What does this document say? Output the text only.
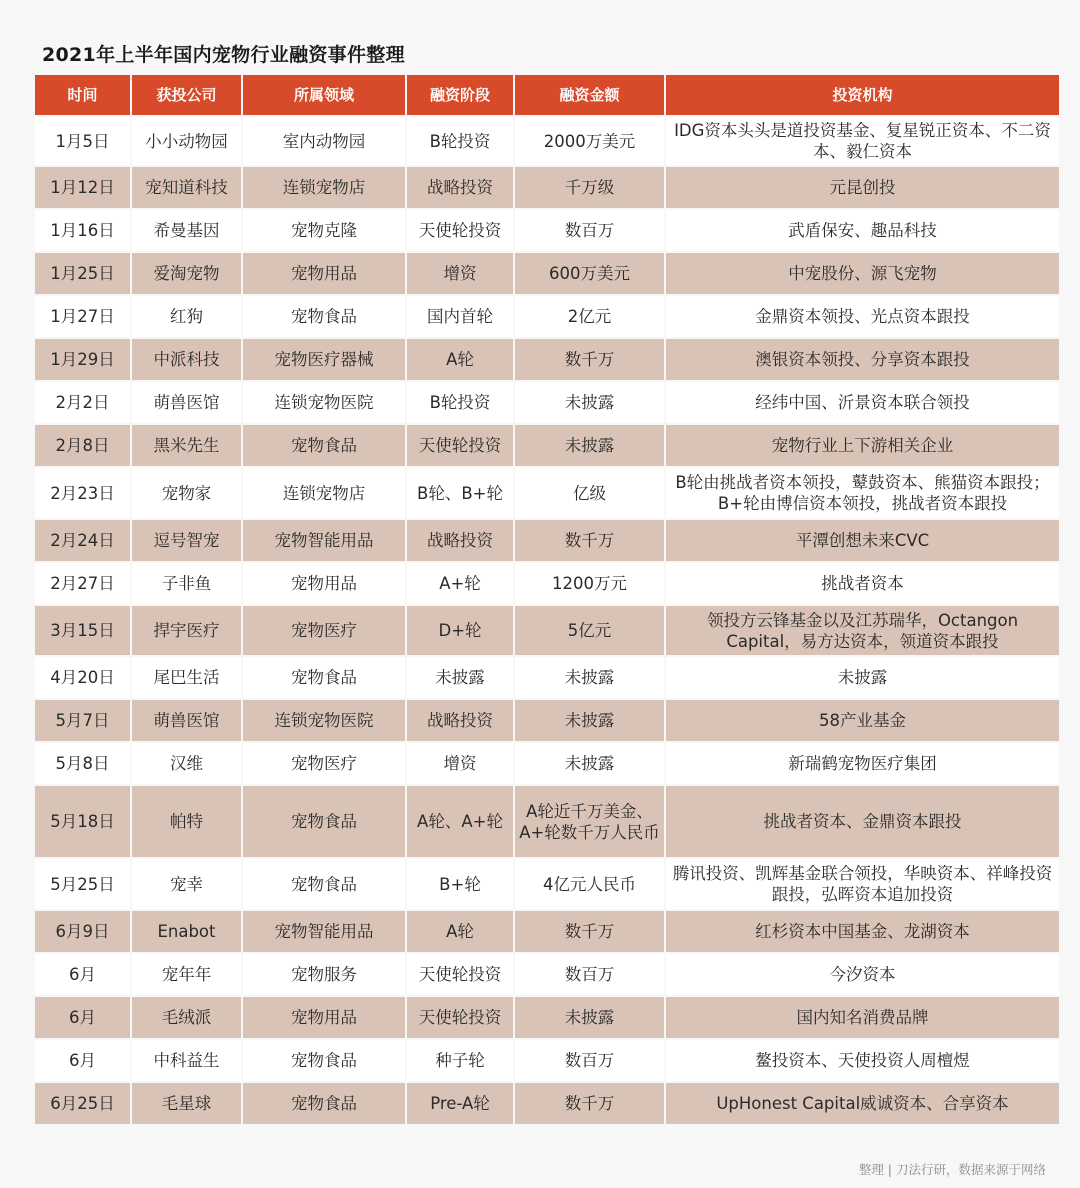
2021年上半年国内宠物行业融资事件整理
时间	获投公司	所属领域	融资阶段	融资金额	投资机构
1月5日	小小动物园	室内动物园	B轮投资	2000万美元	IDG资本头头是道投资基金、复星锐正资本、不二资本、毅仁资本
1月12日	宠知道科技	连锁宠物店	战略投资	千万级	元昆创投
1月16日	希曼基因	宠物克隆	天使轮投资	数百万	武盾保安、趣品科技
1月25日	爱淘宠物	宠物用品	增资	600万美元	中宠股份、源飞宠物
1月27日	红狗	宠物食品	国内首轮	2亿元	金鼎资本领投、光点资本跟投
1月29日	中派科技	宠物医疗器械	A轮	数千万	澳银资本领投、分享资本跟投
2月2日	萌兽医馆	连锁宠物医院	B轮投资	未披露	经纬中国、沂景资本联合领投
2月8日	黑米先生	宠物食品	天使轮投资	未披露	宠物行业上下游相关企业
2月23日	宠物家	连锁宠物店	B轮、B+轮	亿级	B轮由挑战者资本领投，鼙鼓资本、熊猫资本跟投；B+轮由博信资本领投，挑战者资本跟投
2月24日	逗号智宠	宠物智能用品	战略投资	数千万	平潭创想未来CVC
2月27日	子非鱼	宠物用品	A+轮	1200万元	挑战者资本
3月15日	捍宇医疗	宠物医疗	D+轮	5亿元	领投方云锋基金以及江苏瑞华，Octangon Capital，易方达资本，领道资本跟投
4月20日	尾巴生活	宠物食品	未披露	未披露	未披露
5月7日	萌兽医馆	连锁宠物医院	战略投资	未披露	58产业基金
5月8日	汉维	宠物医疗	增资	未披露	新瑞鹤宠物医疗集团
5月18日	帕特	宠物食品	A轮、A+轮	A轮近千万美金、A+轮数千万人民币	挑战者资本、金鼎资本跟投
5月25日	宠幸	宠物食品	B+轮	4亿元人民币	腾讯投资、凯辉基金联合领投，华映资本、祥峰投资跟投，弘晖资本追加投资
6月9日	Enabot	宠物智能用品	A轮	数千万	红杉资本中国基金、龙湖资本
6月	宠年年	宠物服务	天使轮投资	数百万	今汐资本
6月	毛绒派	宠物用品	天使轮投资	未披露	国内知名消费品牌
6月	中科益生	宠物食品	种子轮	数百万	鳌投资本、天使投资人周檀煜
6月25日	毛星球	宠物食品	Pre-A轮	数千万	UpHonest Capital威诚资本、合享资本
整理 | 刀法行研，数据来源于网络
